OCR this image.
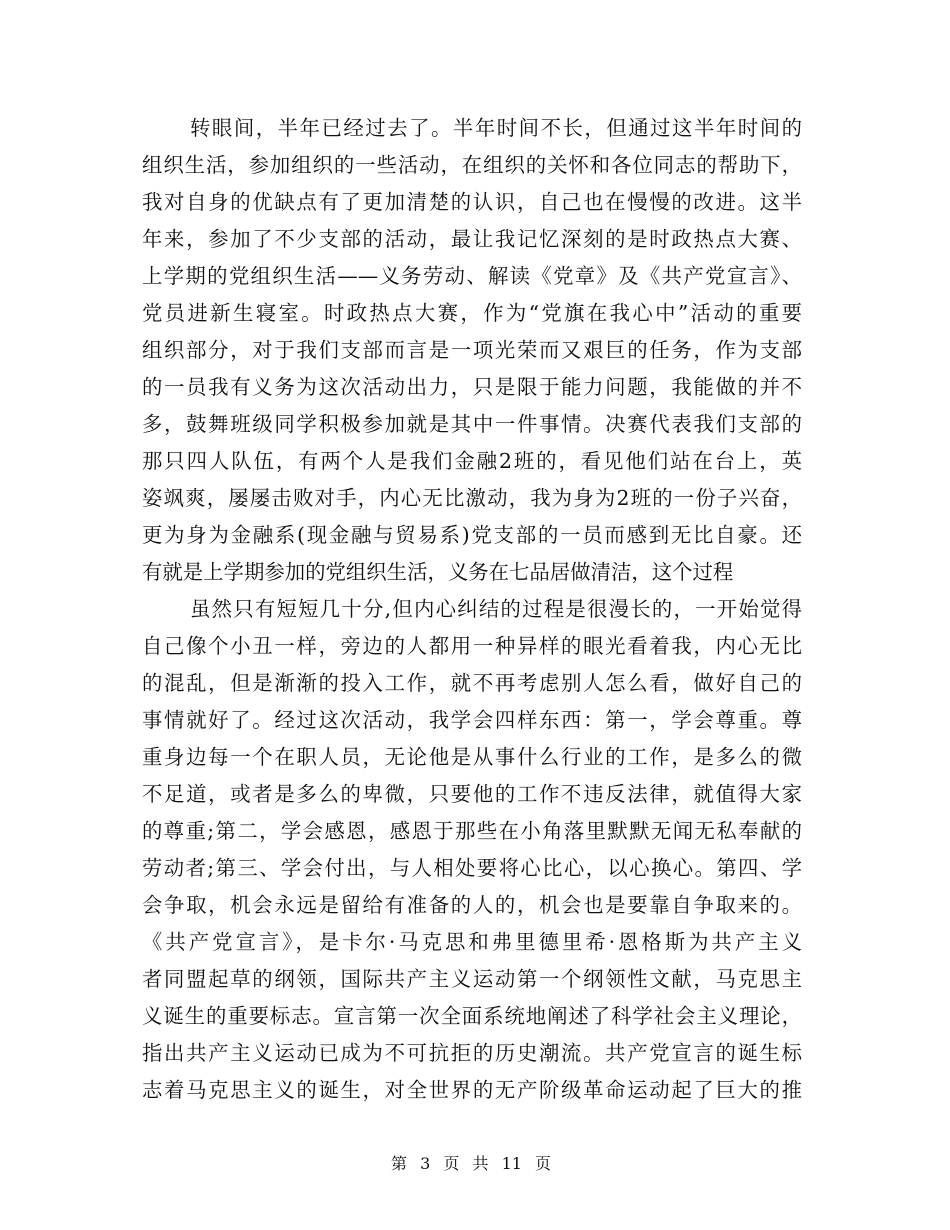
转眼间，半年已经过去了。半年时间不长，但通过这半年时间的
组织生活，参加组织的一些活动，在组织的关怀和各位同志的帮助下，
我对自身的优缺点有了更加清楚的认识，自己也在慢慢的改进。这半
年来，参加了不少支部的活动，最让我记忆深刻的是时政热点大赛、
上学期的党组织生活——义务劳动、解读《党章》及《共产党宣言》、
党员进新生寝室。时政热点大赛，作为“党旗在我心中”活动的重要
组织部分，对于我们支部而言是一项光荣而又艰巨的任务，作为支部
的一员我有义务为这次活动出力，只是限于能力问题，我能做的并不
多，鼓舞班级同学积极参加就是其中一件事情。决赛代表我们支部的
那只四人队伍，有两个人是我们金融2班的，看见他们站在台上，英
姿飒爽，屡屡击败对手，内心无比激动，我为身为2班的一份子兴奋，
更为身为金融系(现金融与贸易系)党支部的一员而感到无比自豪。还
有就是上学期参加的党组织生活，义务在七品居做清洁，这个过程
虽然只有短短几十分,但内心纠结的过程是很漫长的，一开始觉得
自己像个小丑一样，旁边的人都用一种异样的眼光看着我，内心无比
的混乱，但是渐渐的投入工作，就不再考虑别人怎么看，做好自己的
事情就好了。经过这次活动，我学会四样东西：第一，学会尊重。尊
重身边每一个在职人员，无论他是从事什么行业的工作，是多么的微
不足道，或者是多么的卑微，只要他的工作不违反法律，就值得大家
的尊重;第二，学会感恩，感恩于那些在小角落里默默无闻无私奉献的
劳动者;第三、学会付出，与人相处要将心比心，以心换心。第四、学
会争取，机会永远是留给有准备的人的，机会也是要靠自争取来的。
《共产党宣言》，是卡尔·马克思和弗里德里希·恩格斯为共产主义
者同盟起草的纲领，国际共产主义运动第一个纲领性文献，马克思主
义诞生的重要标志。宣言第一次全面系统地阐述了科学社会主义理论，
指出共产主义运动已成为不可抗拒的历史潮流。共产党宣言的诞生标
志着马克思主义的诞生，对全世界的无产阶级革命运动起了巨大的推
第 3 页 共 11 页
